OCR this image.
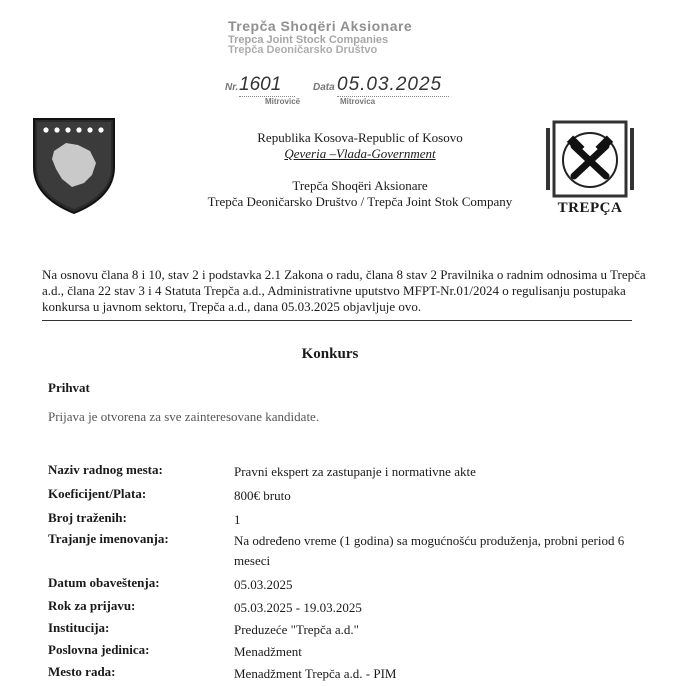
Trepča Shoqëri Aksionare
Trepca Joint Stock Companies
Trepča Deoničarsko Društvo
Nr. 1601	Data 05.03.2025
Mitrovicë	Mitrovica
Republika Kosova-Republic of Kosovo
Qeveria –Vlada-Government
Trepča Shoqëri Aksionare
Trepča Deoničarsko Društvo / Trepča Joint Stok Company	TREPÇA
Na osnovu člana 8 i 10, stav 2 i podstavka 2.1 Zakona o radu, člana 8 stav 2 Pravilnika o radnim odnosima u Trepča a.d., člana 22 stav 3 i 4 Statuta Trepča a.d., Administrativne uputstvo MFPT-Nr.01/2024 o regulisanju postupaka konkursa u javnom sektoru, Trepča a.d., dana 05.03.2025 objavljuje ovo.
Konkurs
Prihvat
Prijava je otvorena za sve zainteresovane kandidate.
Naziv radnog mesta:	Pravni ekspert za zastupanje i normativne akte
Koeficijent/Plata:	800€ bruto
Broj traženih:	1
Trajanje imenovanja:	Na određeno vreme (1 godina) sa mogućnošću produženja, probni period 6 meseci
Datum obaveštenja:	05.03.2025
Rok za prijavu:	05.03.2025 - 19.03.2025
Institucija:	Preduzeće "Trepča a.d."
Poslovna jedinica:	Menadžment
Mesto rada:	Menadžment Trepča a.d. - PIM
